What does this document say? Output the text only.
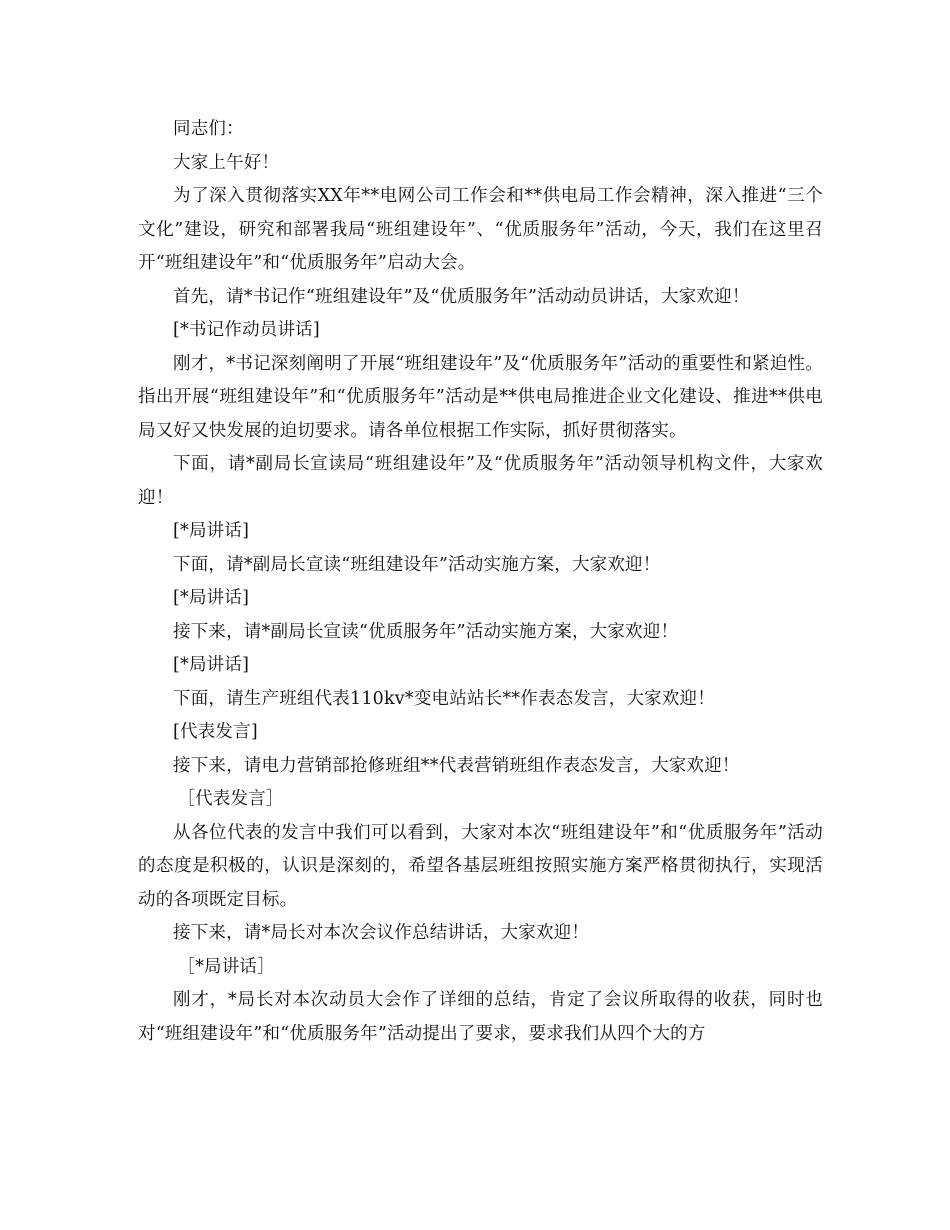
同志们：

大家上午好！

为了深入贯彻落实XX年**电网公司工作会和**供电局工作会精神，深入推进“三个文化”建设，研究和部署我局“班组建设年”、“优质服务年”活动，今天，我们在这里召开“班组建设年”和“优质服务年”启动大会。

首先，请*书记作“班组建设年”及“优质服务年”活动动员讲话，大家欢迎！

[*书记作动员讲话]

刚才，*书记深刻阐明了开展“班组建设年”及“优质服务年”活动的重要性和紧迫性。指出开展“班组建设年”和“优质服务年”活动是**供电局推进企业文化建设、推进**供电局又好又快发展的迫切要求。请各单位根据工作实际，抓好贯彻落实。

下面，请*副局长宣读局“班组建设年”及“优质服务年”活动领导机构文件，大家欢迎！

[*局讲话]

下面，请*副局长宣读“班组建设年”活动实施方案，大家欢迎！

[*局讲话]

接下来，请*副局长宣读“优质服务年”活动实施方案，大家欢迎！

[*局讲话]

下面，请生产班组代表110kv*变电站站长**作表态发言，大家欢迎！

[代表发言]

接下来，请电力营销部抢修班组**代表营销班组作表态发言，大家欢迎！

［代表发言］

从各位代表的发言中我们可以看到，大家对本次“班组建设年”和“优质服务年”活动的态度是积极的，认识是深刻的，希望各基层班组按照实施方案严格贯彻执行，实现活动的各项既定目标。

接下来，请*局长对本次会议作总结讲话，大家欢迎！

［*局讲话］

刚才，*局长对本次动员大会作了详细的总结，肯定了会议所取得的收获，同时也对“班组建设年”和“优质服务年”活动提出了要求，要求我们从四个大的方
